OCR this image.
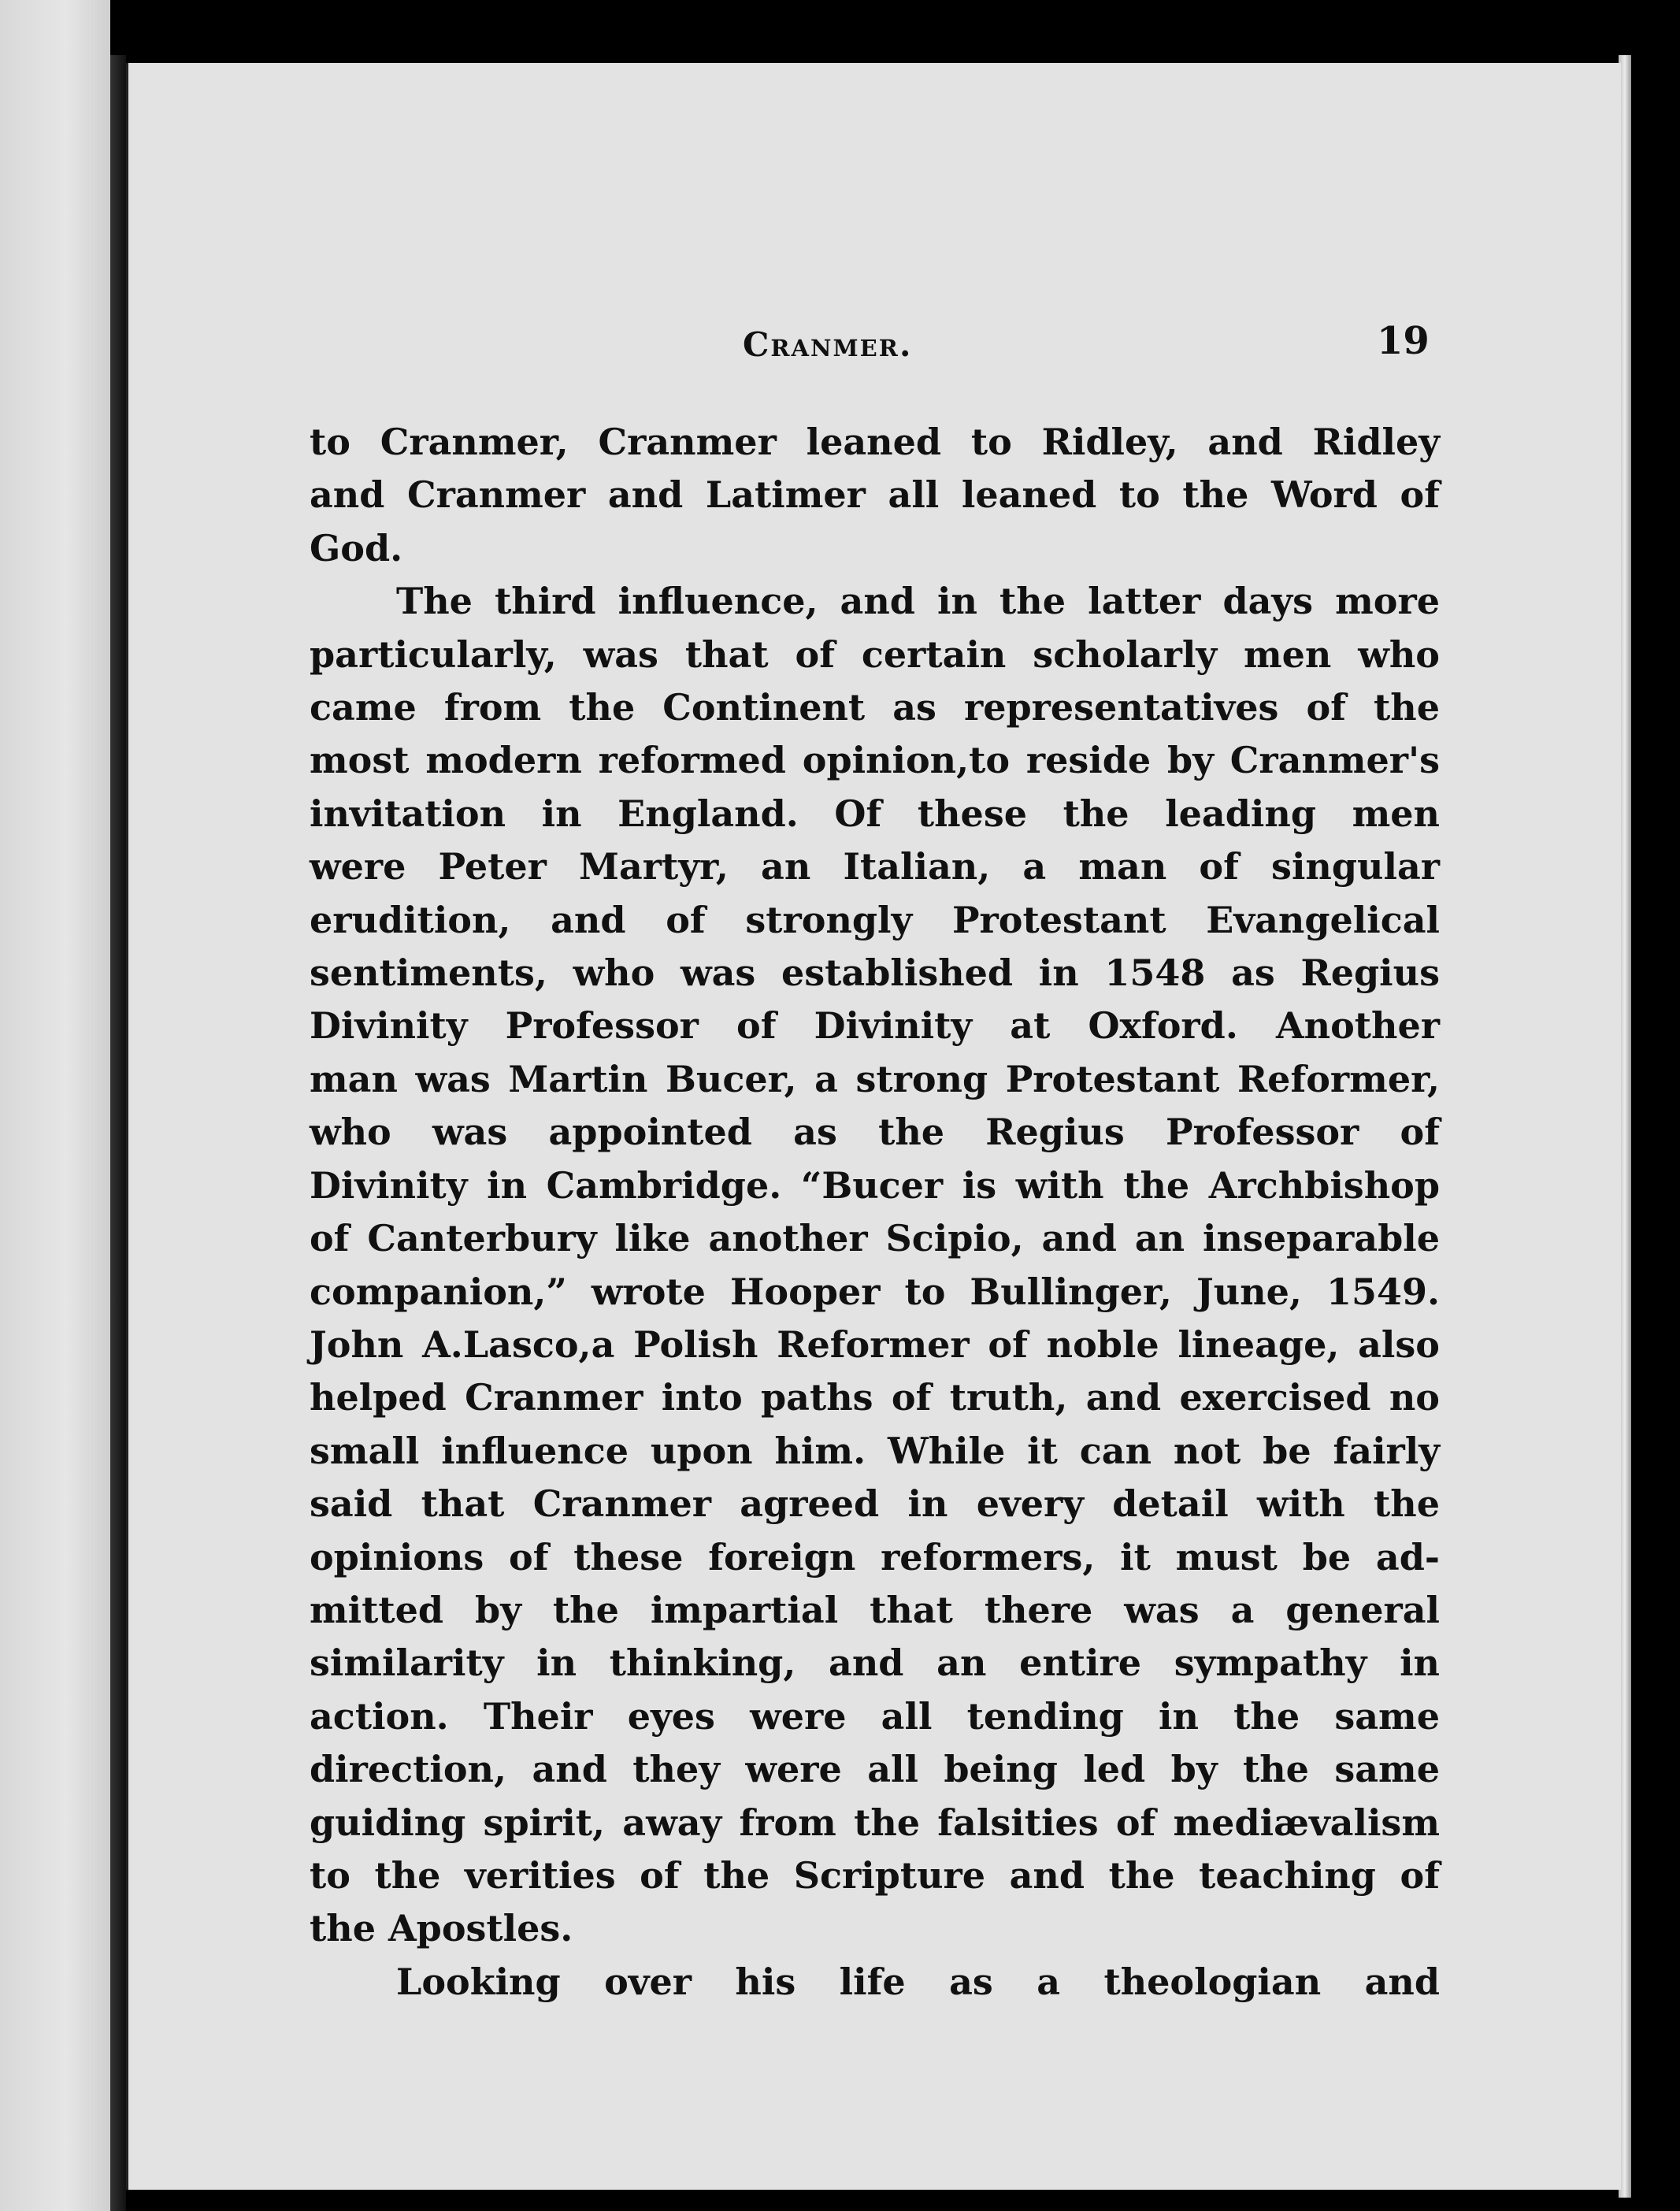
Cranmer.	19
to Cranmer, Cranmer leaned to Ridley, and Ridley
and Cranmer and Latimer all leaned to the Word of
God.
The third influence, and in the latter days more
particularly, was that of certain scholarly men who
came from the Continent as representatives of the
most modern reformed opinion,to reside by Cranmer's
invitation in England. Of these the leading men
were Peter Martyr, an Italian, a man of singular
erudition, and of strongly Protestant Evangelical
sentiments, who was established in 1548 as Regius
Divinity Professor of Divinity at Oxford. Another
man was Martin Bucer, a strong Protestant Reformer,
who was appointed as the Regius Professor of
Divinity in Cambridge. “Bucer is with the Archbishop
of Canterbury like another Scipio, and an inseparable
companion,” wrote Hooper to Bullinger, June, 1549.
John A.Lasco,a Polish Reformer of noble lineage, also
helped Cranmer into paths of truth, and exercised no
small influence upon him. While it can not be fairly
said that Cranmer agreed in every detail with the
opinions of these foreign reformers, it must be ad-
mitted by the impartial that there was a general
similarity in thinking, and an entire sympathy in
action. Their eyes were all tending in the same
direction, and they were all being led by the same
guiding spirit, away from the falsities of mediævalism
to the verities of the Scripture and the teaching of
the Apostles.
Looking over his life as a theologian and
